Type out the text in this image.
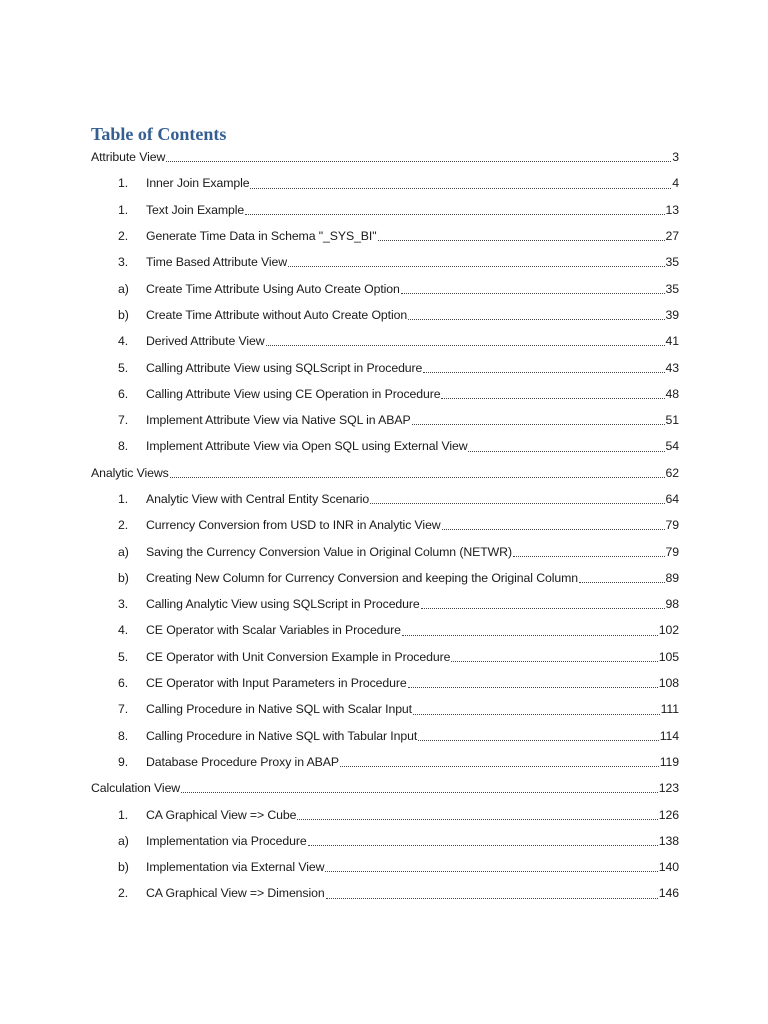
Table of Contents
Attribute View	3
1.	Inner Join Example	4
1.	Text Join Example	13
2.	Generate Time Data in Schema "_SYS_BI"	27
3.	Time Based Attribute View	35
a)	Create Time Attribute Using Auto Create Option	35
b)	Create Time Attribute without Auto Create Option	39
4.	Derived Attribute View	41
5.	Calling Attribute View using SQLScript in Procedure	43
6.	Calling Attribute View using CE Operation in Procedure	48
7.	Implement Attribute View via Native SQL in ABAP	51
8.	Implement Attribute View via Open SQL using External View	54
Analytic Views	62
1.	Analytic View with Central Entity Scenario	64
2.	Currency Conversion from USD to INR in Analytic View	79
a)	Saving the Currency Conversion Value in Original Column (NETWR)	79
b)	Creating New Column for Currency Conversion and keeping the Original Column	89
3.	Calling Analytic View using SQLScript in Procedure	98
4.	CE Operator with Scalar Variables in Procedure	102
5.	CE Operator with Unit Conversion Example in Procedure	105
6.	CE Operator with Input Parameters in Procedure	108
7.	Calling Procedure in Native SQL with Scalar Input	111
8.	Calling Procedure in Native SQL with Tabular Input	114
9.	Database Procedure Proxy in ABAP	119
Calculation View	123
1.	CA Graphical View => Cube	126
a)	Implementation via Procedure	138
b)	Implementation via External View	140
2.	CA Graphical View => Dimension	146
